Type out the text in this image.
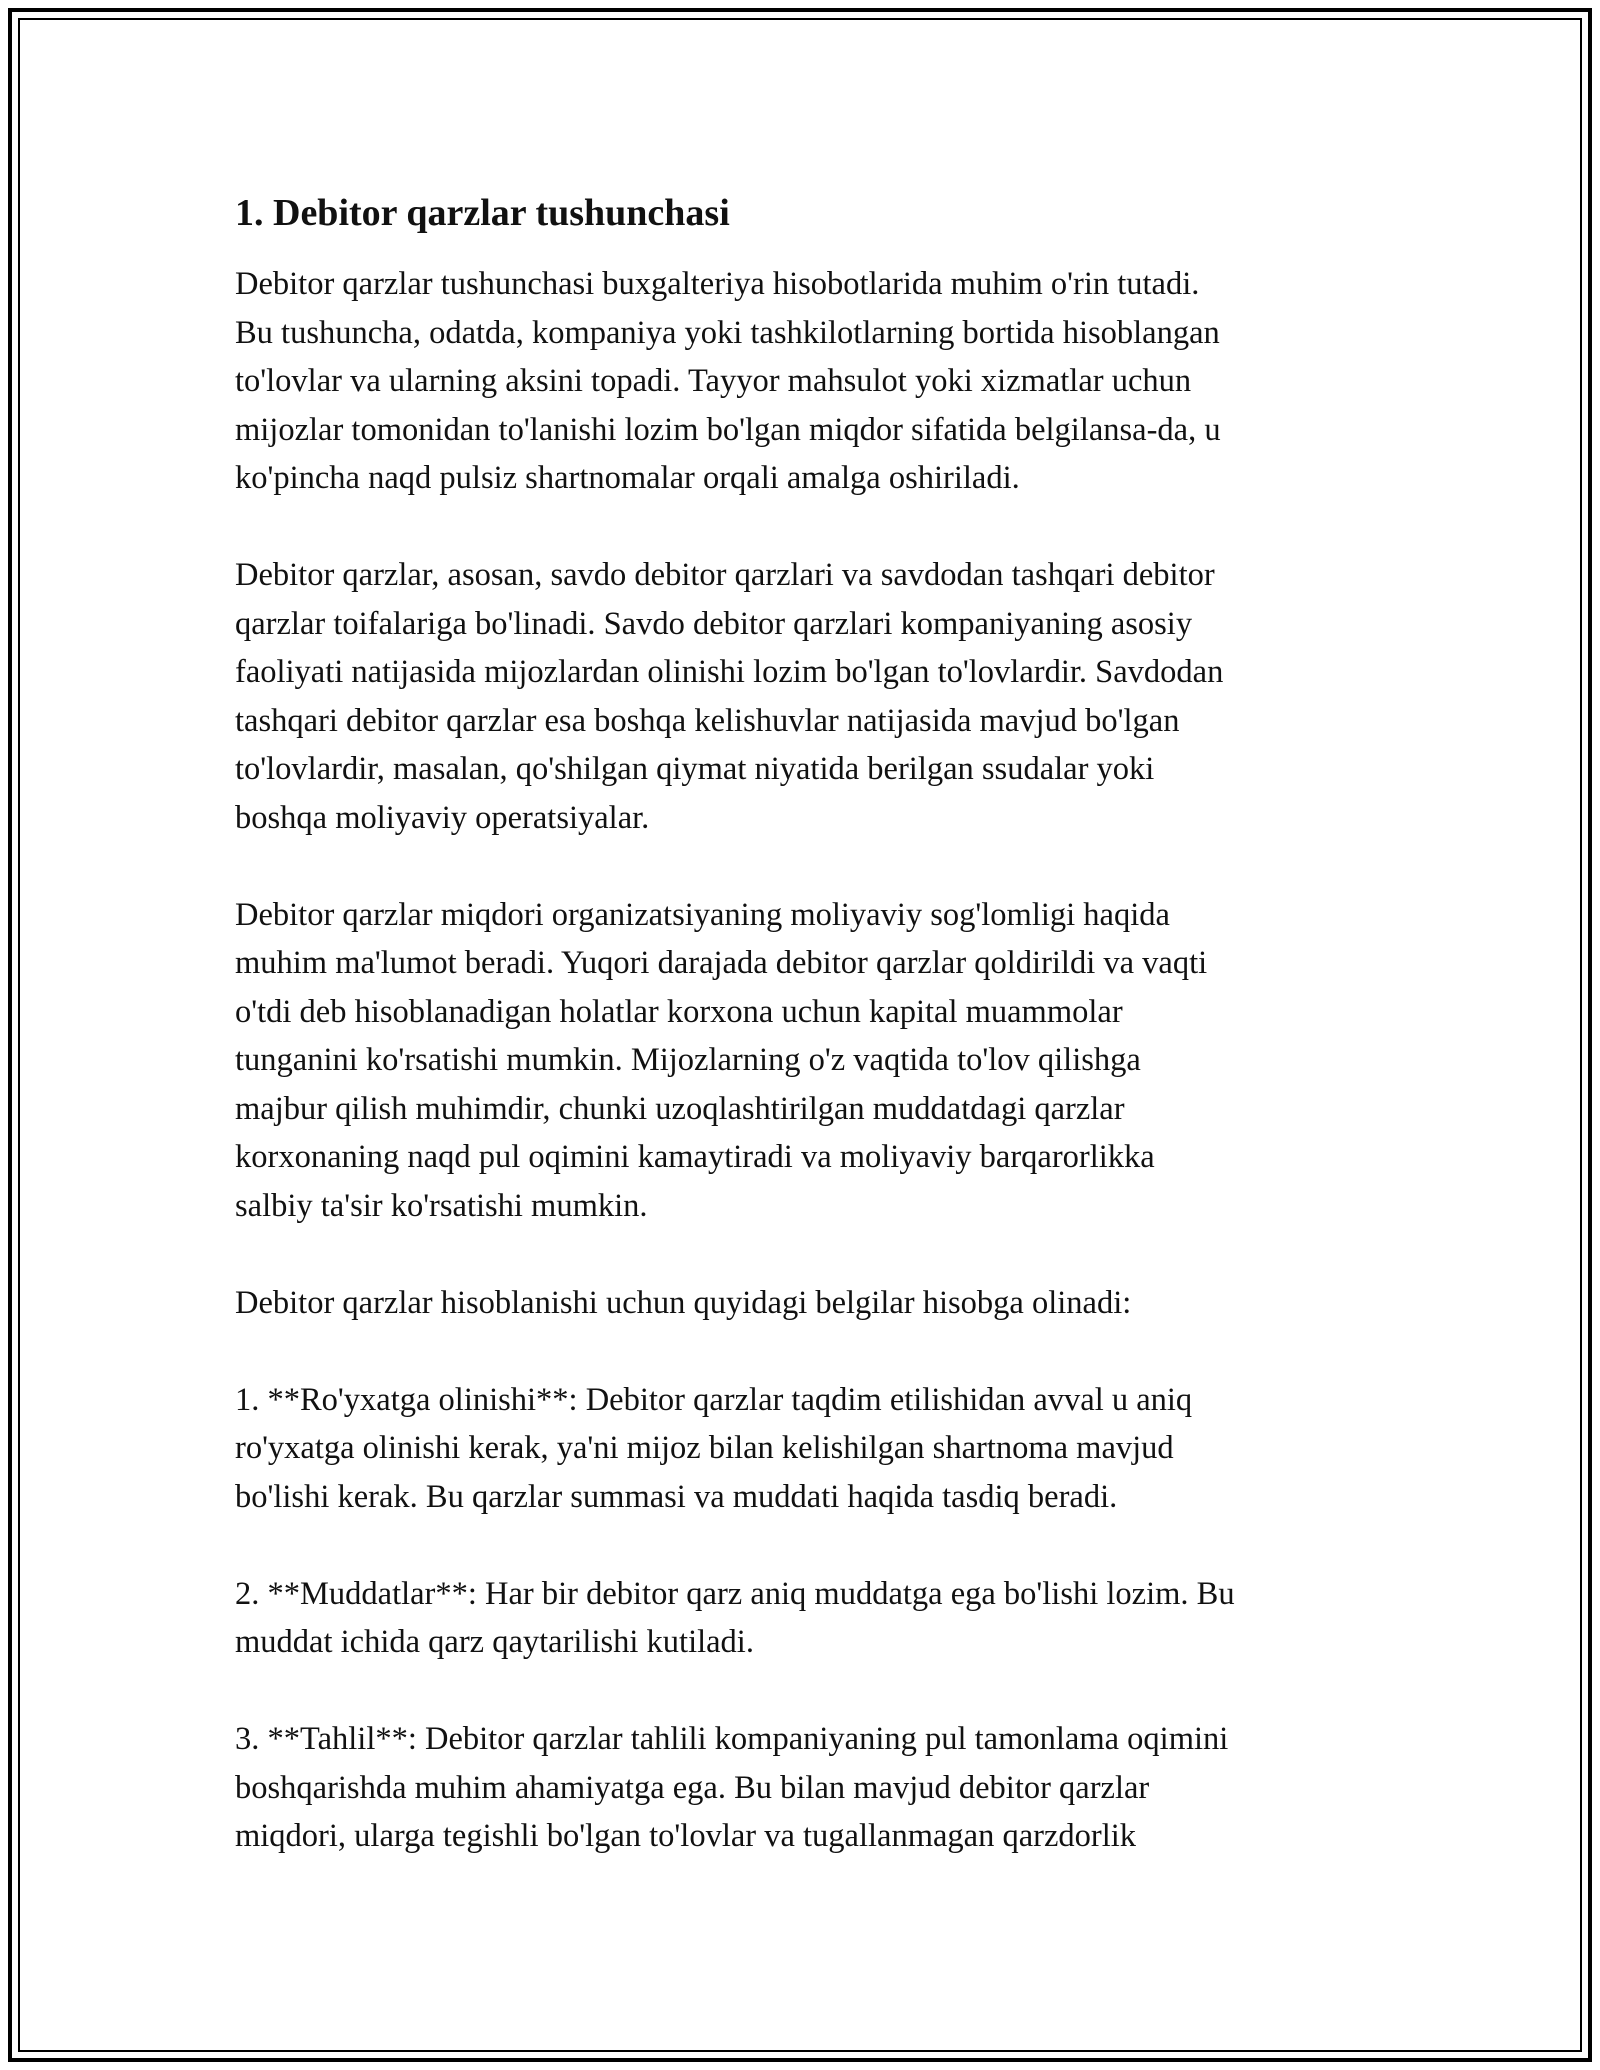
1. Debitor qarzlar tushunchasi
Debitor qarzlar tushunchasi buxgalteriya hisobotlarida muhim o'rin tutadi.
Bu tushuncha, odatda, kompaniya yoki tashkilotlarning bortida hisoblangan
to'lovlar va ularning aksini topadi. Tayyor mahsulot yoki xizmatlar uchun
mijozlar tomonidan to'lanishi lozim bo'lgan miqdor sifatida belgilansa-da, u
ko'pincha naqd pulsiz shartnomalar orqali amalga oshiriladi.
Debitor qarzlar, asosan, savdo debitor qarzlari va savdodan tashqari debitor
qarzlar toifalariga bo'linadi. Savdo debitor qarzlari kompaniyaning asosiy
faoliyati natijasida mijozlardan olinishi lozim bo'lgan to'lovlardir. Savdodan
tashqari debitor qarzlar esa boshqa kelishuvlar natijasida mavjud bo'lgan
to'lovlardir, masalan, qo'shilgan qiymat niyatida berilgan ssudalar yoki
boshqa moliyaviy operatsiyalar.
Debitor qarzlar miqdori organizatsiyaning moliyaviy sog'lomligi haqida
muhim ma'lumot beradi. Yuqori darajada debitor qarzlar qoldirildi va vaqti
o'tdi deb hisoblanadigan holatlar korxona uchun kapital muammolar
tunganini ko'rsatishi mumkin. Mijozlarning o'z vaqtida to'lov qilishga
majbur qilish muhimdir, chunki uzoqlashtirilgan muddatdagi qarzlar
korxonaning naqd pul oqimini kamaytiradi va moliyaviy barqarorlikka
salbiy ta'sir ko'rsatishi mumkin.
Debitor qarzlar hisoblanishi uchun quyidagi belgilar hisobga olinadi:
1. **Ro'yxatga olinishi**: Debitor qarzlar taqdim etilishidan avval u aniq
ro'yxatga olinishi kerak, ya'ni mijoz bilan kelishilgan shartnoma mavjud
bo'lishi kerak. Bu qarzlar summasi va muddati haqida tasdiq beradi.
2. **Muddatlar**: Har bir debitor qarz aniq muddatga ega bo'lishi lozim. Bu
muddat ichida qarz qaytarilishi kutiladi.
3. **Tahlil**: Debitor qarzlar tahlili kompaniyaning pul tamonlama oqimini
boshqarishda muhim ahamiyatga ega. Bu bilan mavjud debitor qarzlar
miqdori, ularga tegishli bo'lgan to'lovlar va tugallanmagan qarzdorlik
